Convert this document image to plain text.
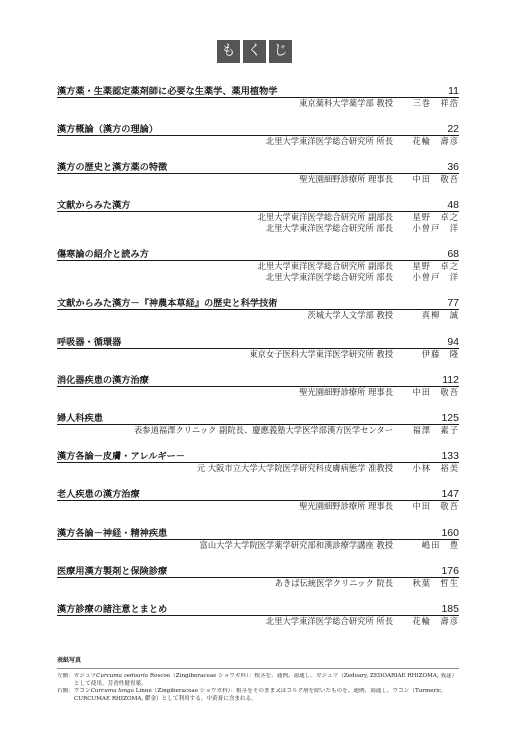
も く じ
漢方薬・生薬認定薬剤師に必要な生薬学、薬用植物学	11
東京薬科大学薬学部 教授	三巻　祥浩
漢方概論（漢方の理論）	22
北里大学東洋医学総合研究所 所長	花輪　壽彦
漢方の歴史と漢方薬の特徴	36
聖光園細野診療所 理事長	中田　敬吾
文献からみた漢方	48
北里大学東洋医学総合研究所 副部長	星野　卓之
北里大学東洋医学総合研究所 部長	小曽戸　洋
傷寒論の紹介と読み方	68
北里大学東洋医学総合研究所 副部長	星野　卓之
北里大学東洋医学総合研究所 部長	小曽戸　洋
文献からみた漢方－『神農本草経』の歴史と科学技術	77
茨城大学人文学部 教授	真柳　誠
呼吸器・循環器	94
東京女子医科大学東洋医学研究所 教授	伊藤　隆
消化器疾患の漢方治療	112
聖光園細野診療所 理事長	中田　敬吾
婦人科疾患	125
表参道福澤クリニック 副院長、慶應義塾大学医学部漢方医学センター	福澤　素子
漢方各論－皮膚・アレルギー－	133
元 大阪市立大学大学院医学研究科皮膚病態学 准教授	小林　裕美
老人疾患の漢方治療	147
聖光園細野診療所 理事長	中田　敬吾
漢方各論－神経・精神疾患	160
富山大学大学院医学薬学研究部和漢診療学講座 教授	嶋田　豊
医療用漢方製剤と保険診療	176
あきば伝統医学クリニック 院長	秋葉　哲生
漢方診療の諸注意とまとめ	185
北里大学東洋医学総合研究所 所長	花輪　壽彦
表紙写真

左側：ガジュツCurcuma zedoaria Roscoe（Zingiberaceae ショウガ科）：根茎を、通例、湯通し。ガジュツ（Zedoary, ZEDOARIAE RHIZOMA, 莪蒁）として使用。芳香性健胃薬。

右側：ウコンCurcuma longa Linné（Zingiberaceae ショウガ科）：根茎をそのまま又はコルク層を除いたものを、通例、湯通し。ウコン（Turmeric, CURCUMAE RHIZOMA, 鬱金）として利用する。中黄膏に含まれる。
